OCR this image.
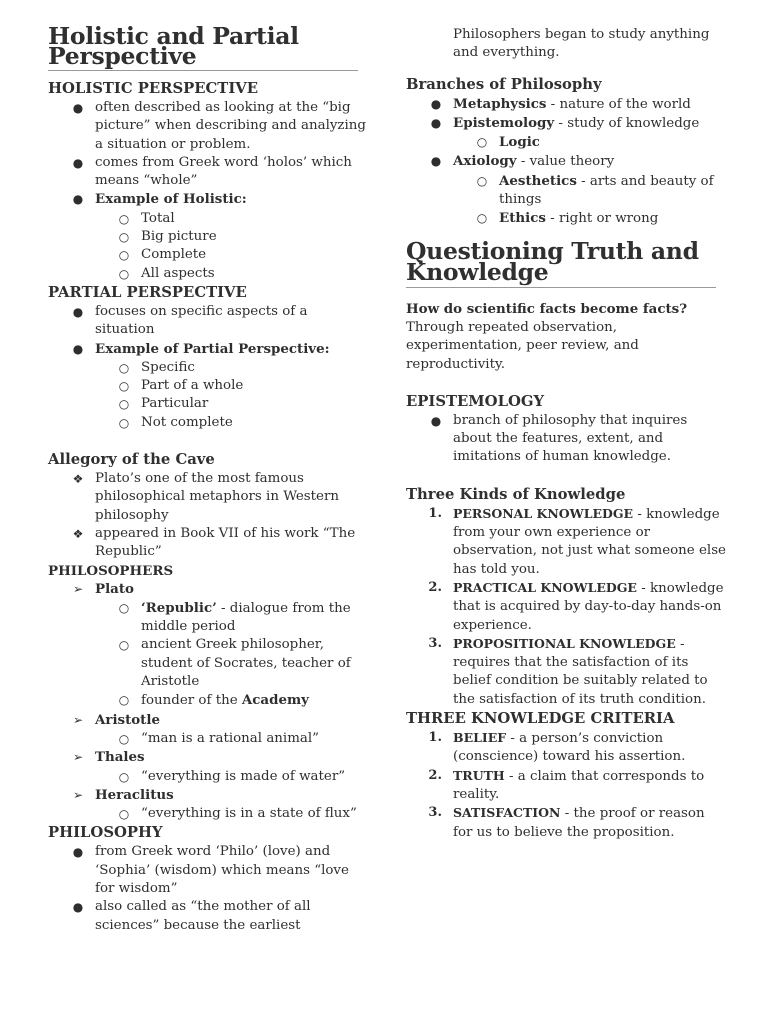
Holistic and Partial Perspective
HOLISTIC PERSPECTIVE
● often described as looking at the “big picture” when describing and analyzing a situation or problem.
● comes from Greek word ‘holos’ which means “whole”
● Example of Holistic:
○ Total
○ Big picture
○ Complete
○ All aspects
PARTIAL PERSPECTIVE
● focuses on specific aspects of a situation
● Example of Partial Perspective:
○ Specific
○ Part of a whole
○ Particular
○ Not complete
Allegory of the Cave
❖ Plato’s one of the most famous philosophical metaphors in Western philosophy
❖ appeared in Book VII of his work “The Republic”
PHILOSOPHERS
➢ Plato
○ ‘Republic’ - dialogue from the middle period
○ ancient Greek philosopher, student of Socrates, teacher of Aristotle
○ founder of the Academy
➢ Aristotle
○ “man is a rational animal”
➢ Thales
○ “everything is made of water”
➢ Heraclitus
○ “everything is in a state of flux”
PHILOSOPHY
● from Greek word ‘Philo’ (love) and ‘Sophia’ (wisdom) which means “love for wisdom”
● also called as “the mother of all sciences” because the earliest
Philosophers began to study anything and everything.
Branches of Philosophy
● Metaphysics - nature of the world
● Epistemology - study of knowledge
○ Logic
● Axiology - value theory
○ Aesthetics - arts and beauty of things
○ Ethics - right or wrong
Questioning Truth and Knowledge
How do scientific facts become facts?
Through repeated observation, experimentation, peer review, and reproductivity.
EPISTEMOLOGY
● branch of philosophy that inquires about the features, extent, and imitations of human knowledge.
Three Kinds of Knowledge
1. PERSONAL KNOWLEDGE - knowledge from your own experience or observation, not just what someone else has told you.
2. PRACTICAL KNOWLEDGE - knowledge that is acquired by day-to-day hands-on experience.
3. PROPOSITIONAL KNOWLEDGE - requires that the satisfaction of its belief condition be suitably related to the satisfaction of its truth condition.
THREE KNOWLEDGE CRITERIA
1. BELIEF - a person’s conviction (conscience) toward his assertion.
2. TRUTH - a claim that corresponds to reality.
3. SATISFACTION - the proof or reason for us to believe the proposition.
